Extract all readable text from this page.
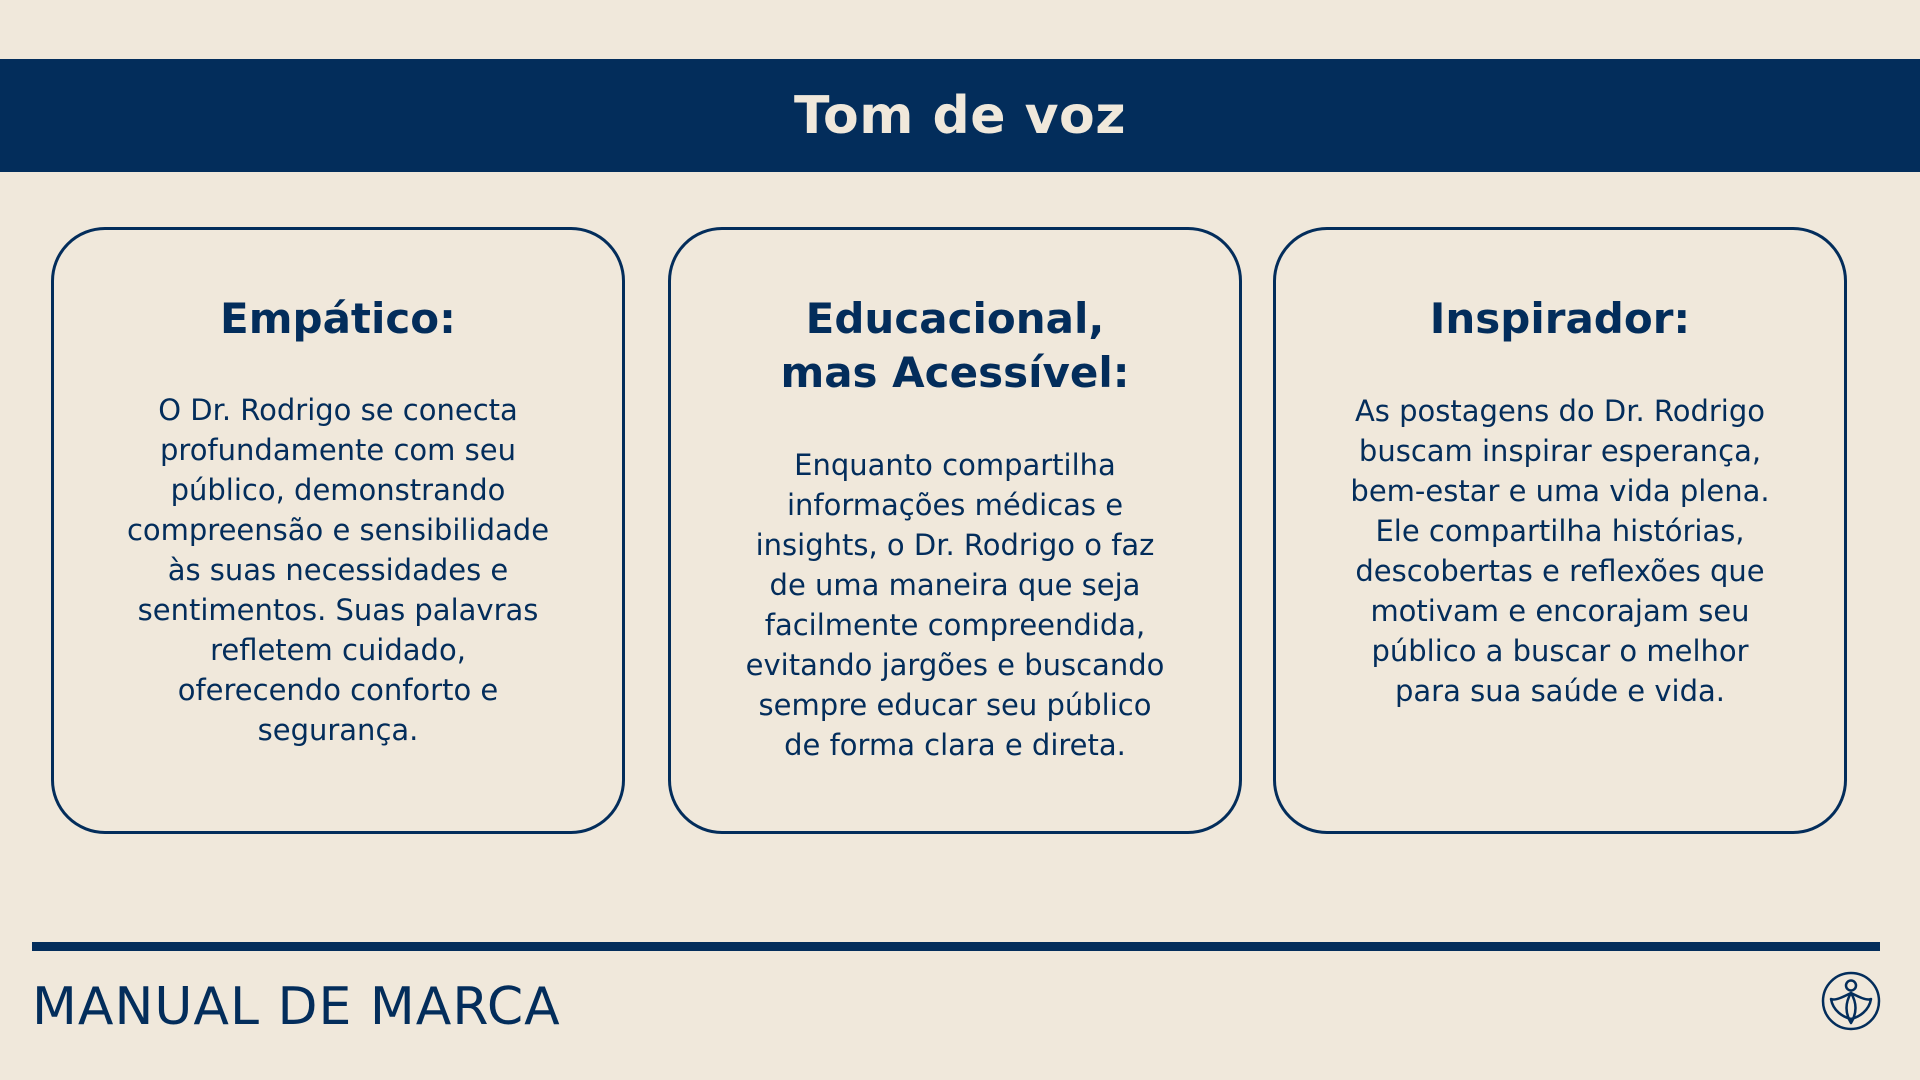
Tom de voz
Empático:

O Dr. Rodrigo se conecta
profundamente com seu
público, demonstrando
compreensão e sensibilidade
às suas necessidades e
sentimentos. Suas palavras
refletem cuidado,
oferecendo conforto e
segurança.

Educacional,
mas Acessível:

Enquanto compartilha
informações médicas e
insights, o Dr. Rodrigo o faz
de uma maneira que seja
facilmente compreendida,
evitando jargões e buscando
sempre educar seu público
de forma clara e direta.

Inspirador:

As postagens do Dr. Rodrigo
buscam inspirar esperança,
bem-estar e uma vida plena.
Ele compartilha histórias,
descobertas e reflexões que
motivam e encorajam seu
público a buscar o melhor
para sua saúde e vida.

MANUAL DE MARCA
